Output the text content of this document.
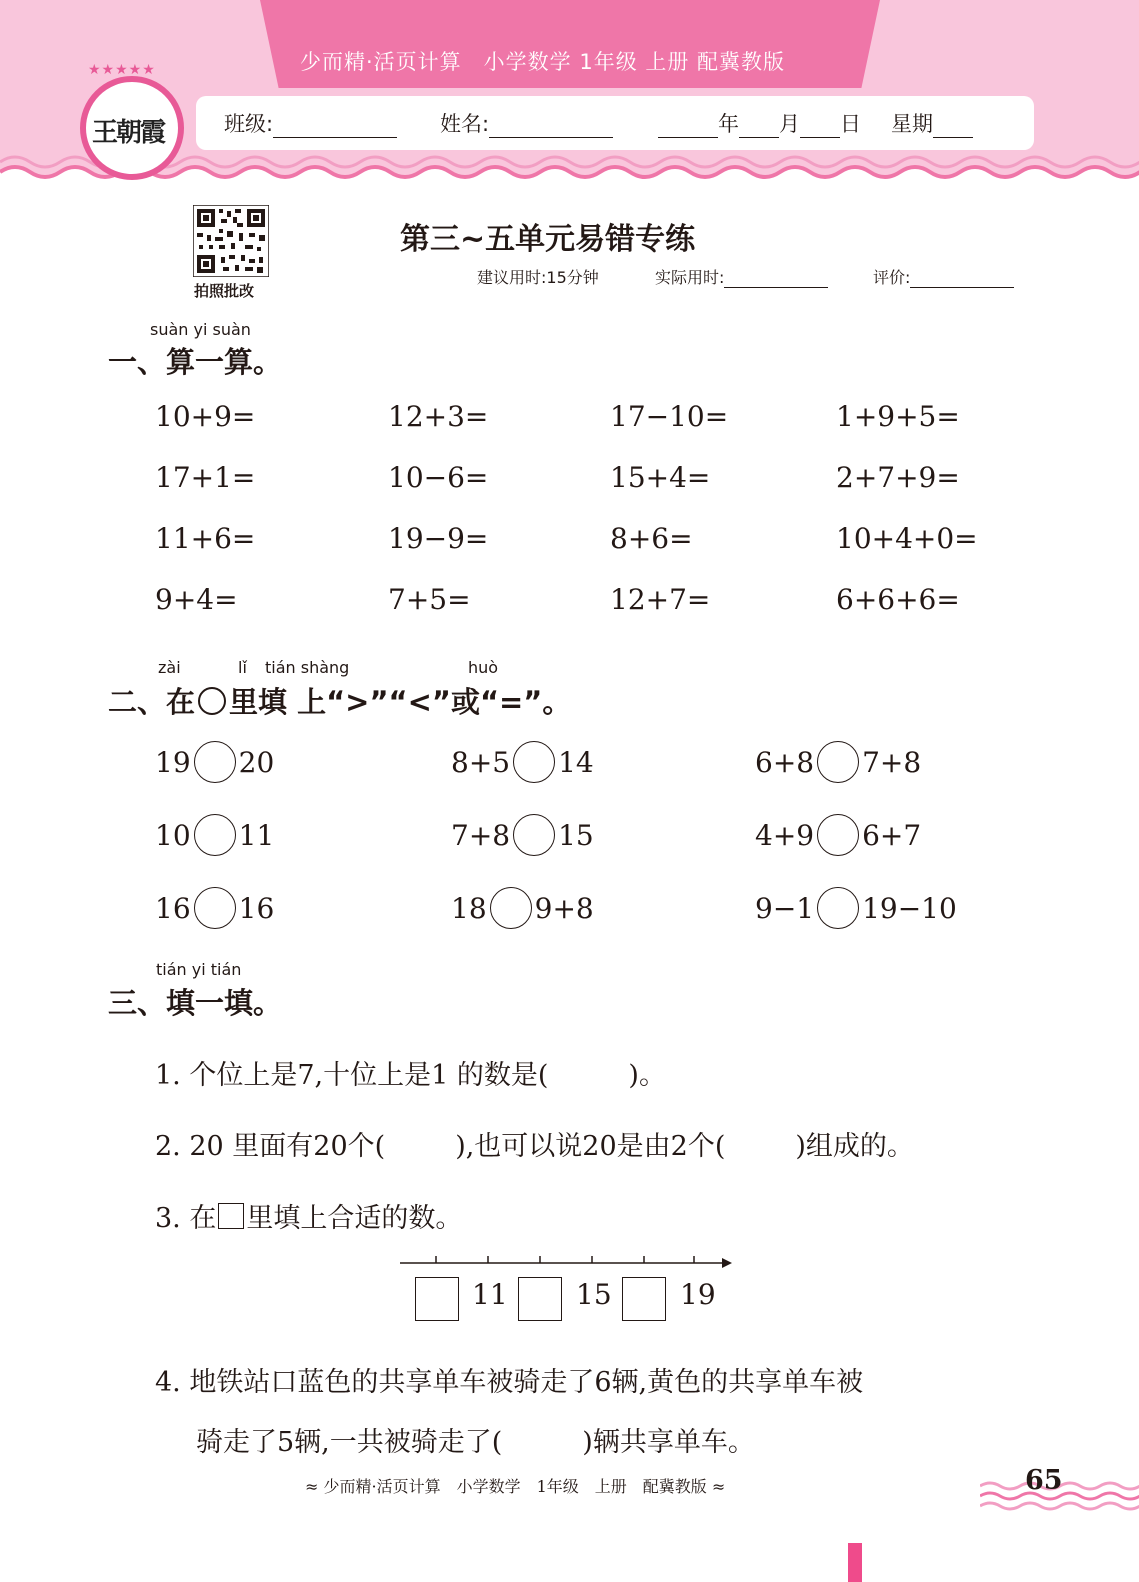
少而精·活页计算　小学数学 1年级 上册 配冀教版
班级:	姓名:	年 月 日 星期
★★★★★
王朝霞
拍照批改
第三~五单元易错专练
建议用时:15分钟	实际用时:	评价:
suàn yi suàn
一、算一算。
10+9=	12+3=	17−10=	1+9+5=
17+1=	10−6=	15+4=	2+7+9=
11+6=	19−9=	8+6=	10+4+0=
9+4=	7+5=	12+7=	6+6+6=
zài	lǐ tián shàng	huò
二、在 里填 上“>”“<”或“=”。
19 20	8+5 14	6+8 7+8
10 11	7+8 15	4+9 6+7
16 16	18 9+8	9−1 19−10
tián yi tián
三、填一填。
1. 个位上是7,十位上是1 的数是(	)。
2. 20 里面有20个(	),也可以说20是由2个(	)组成的。
3. 在 里填上合适的数。
11 15 19
4. 地铁站口蓝色的共享单车被骑走了6辆,黄色的共享单车被
骑走了5辆,一共被骑走了(	)辆共享单车。
≈ 少而精·活页计算　小学数学　1年级　上册　配冀教版 ≈	65
